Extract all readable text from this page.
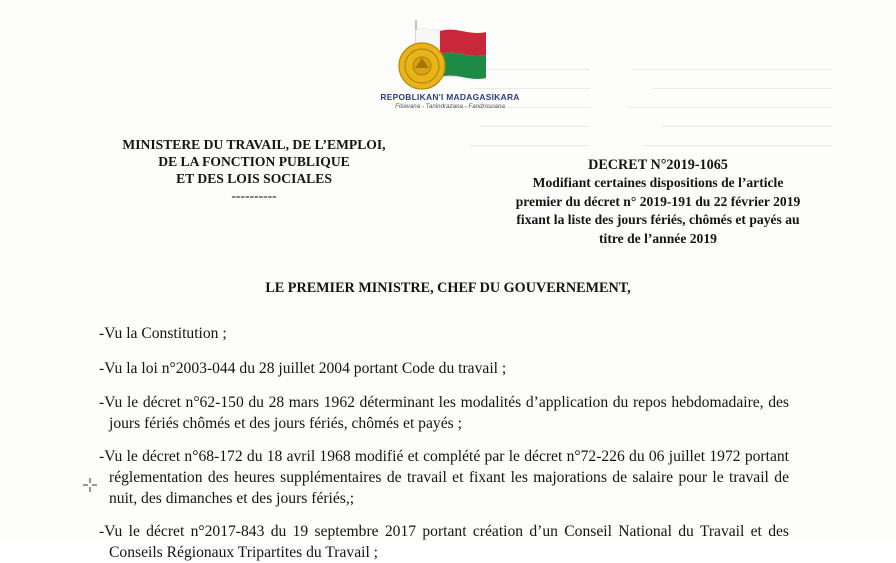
REPOBLIKAN'I MADAGASIKARA
Fitiavana - Tanindrazana - Fandrosoana
MINISTERE DU TRAVAIL, DE L’EMPLOI,
DE LA FONCTION PUBLIQUE
ET DES LOIS SOCIALES
----------
DECRET N°2019-1065
Modifiant certaines dispositions de l’article
premier du décret n° 2019-191 du 22 février 2019
fixant la liste des jours fériés, chômés et payés au
titre de l’année 2019
LE PREMIER MINISTRE, CHEF DU GOUVERNEMENT,

-Vu la Constitution ;

-Vu la loi n°2003-044 du 28 juillet 2004 portant Code du travail ;

-Vu le décret n°62-150 du 28 mars 1962 déterminant les modalités d’application du repos hebdomadaire, des jours fériés chômés et des jours fériés, chômés et payés ;

-Vu le décret n°68-172 du 18 avril 1968 modifié et complété par le décret n°72-226 du 06 juillet 1972 portant réglementation des heures supplémentaires de travail et fixant les majorations de salaire pour le travail de nuit, des dimanches et des jours fériés,;

-Vu le décret n°2017-843 du 19 septembre 2017 portant création d’un Conseil National du Travail et des Conseils Régionaux Tripartites du Travail ;
